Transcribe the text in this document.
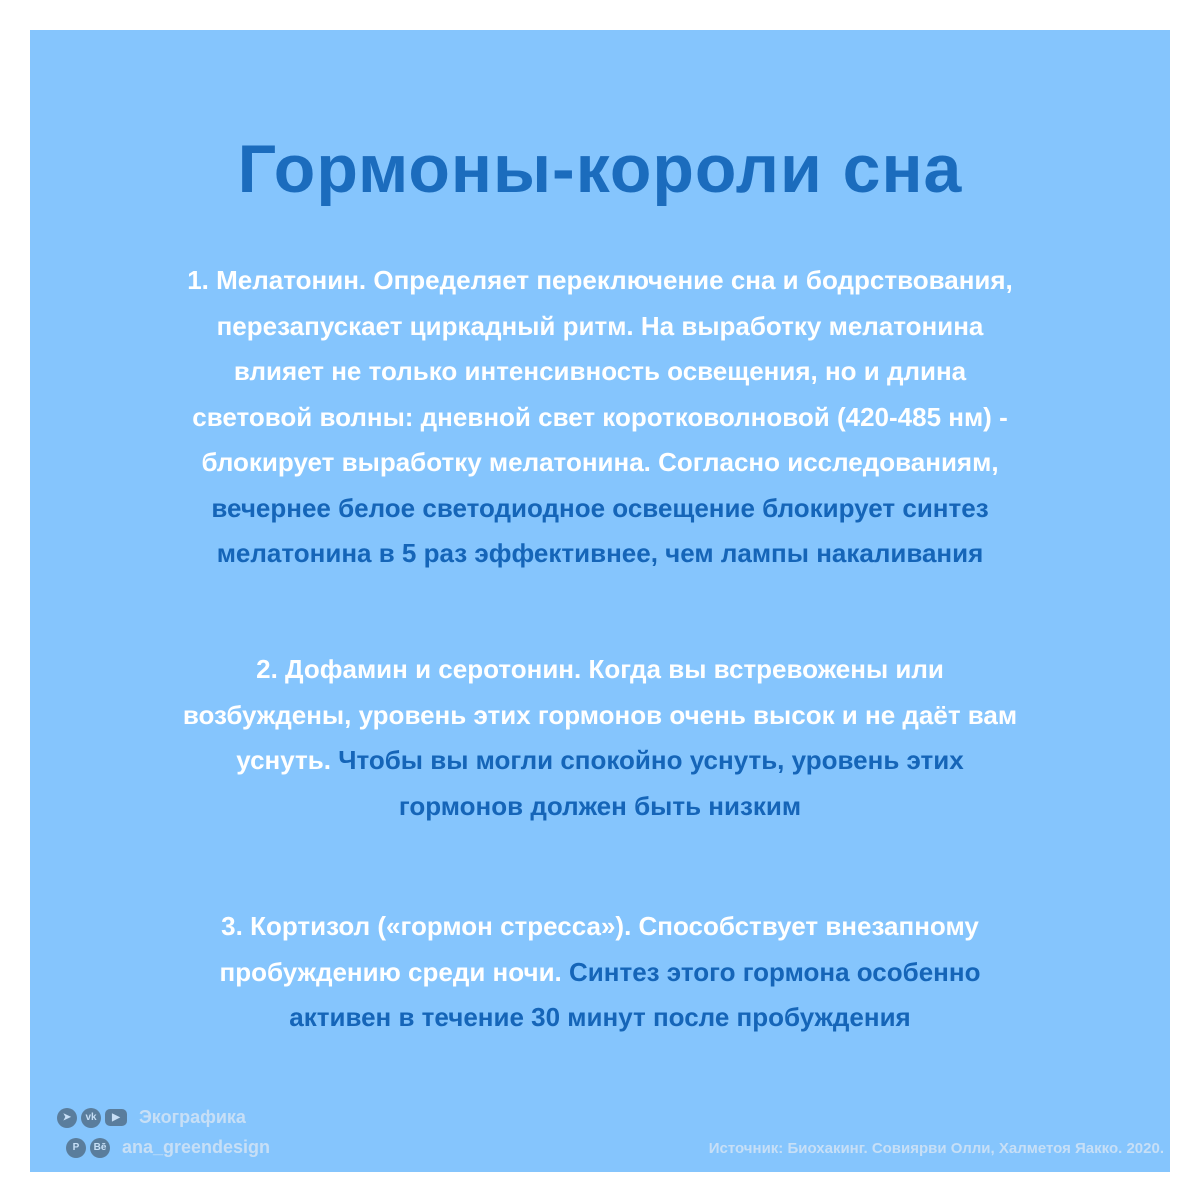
Гормоны-короли сна
1. Мелатонин. Определяет переключение сна и бодрствования,
перезапускает циркадный ритм. На выработку мелатонина
влияет не только интенсивность освещения, но и длина
световой волны: дневной свет коротковолновой (420-485 нм) -
блокирует выработку мелатонина. Согласно исследованиям,
вечернее белое светодиодное освещение блокирует синтез
мелатонина в 5 раз эффективнее, чем лампы накаливания
2. Дофамин и серотонин. Когда вы встревожены или
возбуждены, уровень этих гормонов очень высок и не даёт вам
уснуть. Чтобы вы могли спокойно уснуть, уровень этих
гормонов должен быть низким
3. Кортизол («гормон стресса»). Способствует внезапному
пробуждению среди ночи. Синтез этого гормона особенно
активен в течение 30 минут после пробуждения
➤	vk	▶	Экографика
P	Bē ana_greendesign	Источник: Биохакинг. Совиярви Олли, Халметоя Яакко. 2020.
